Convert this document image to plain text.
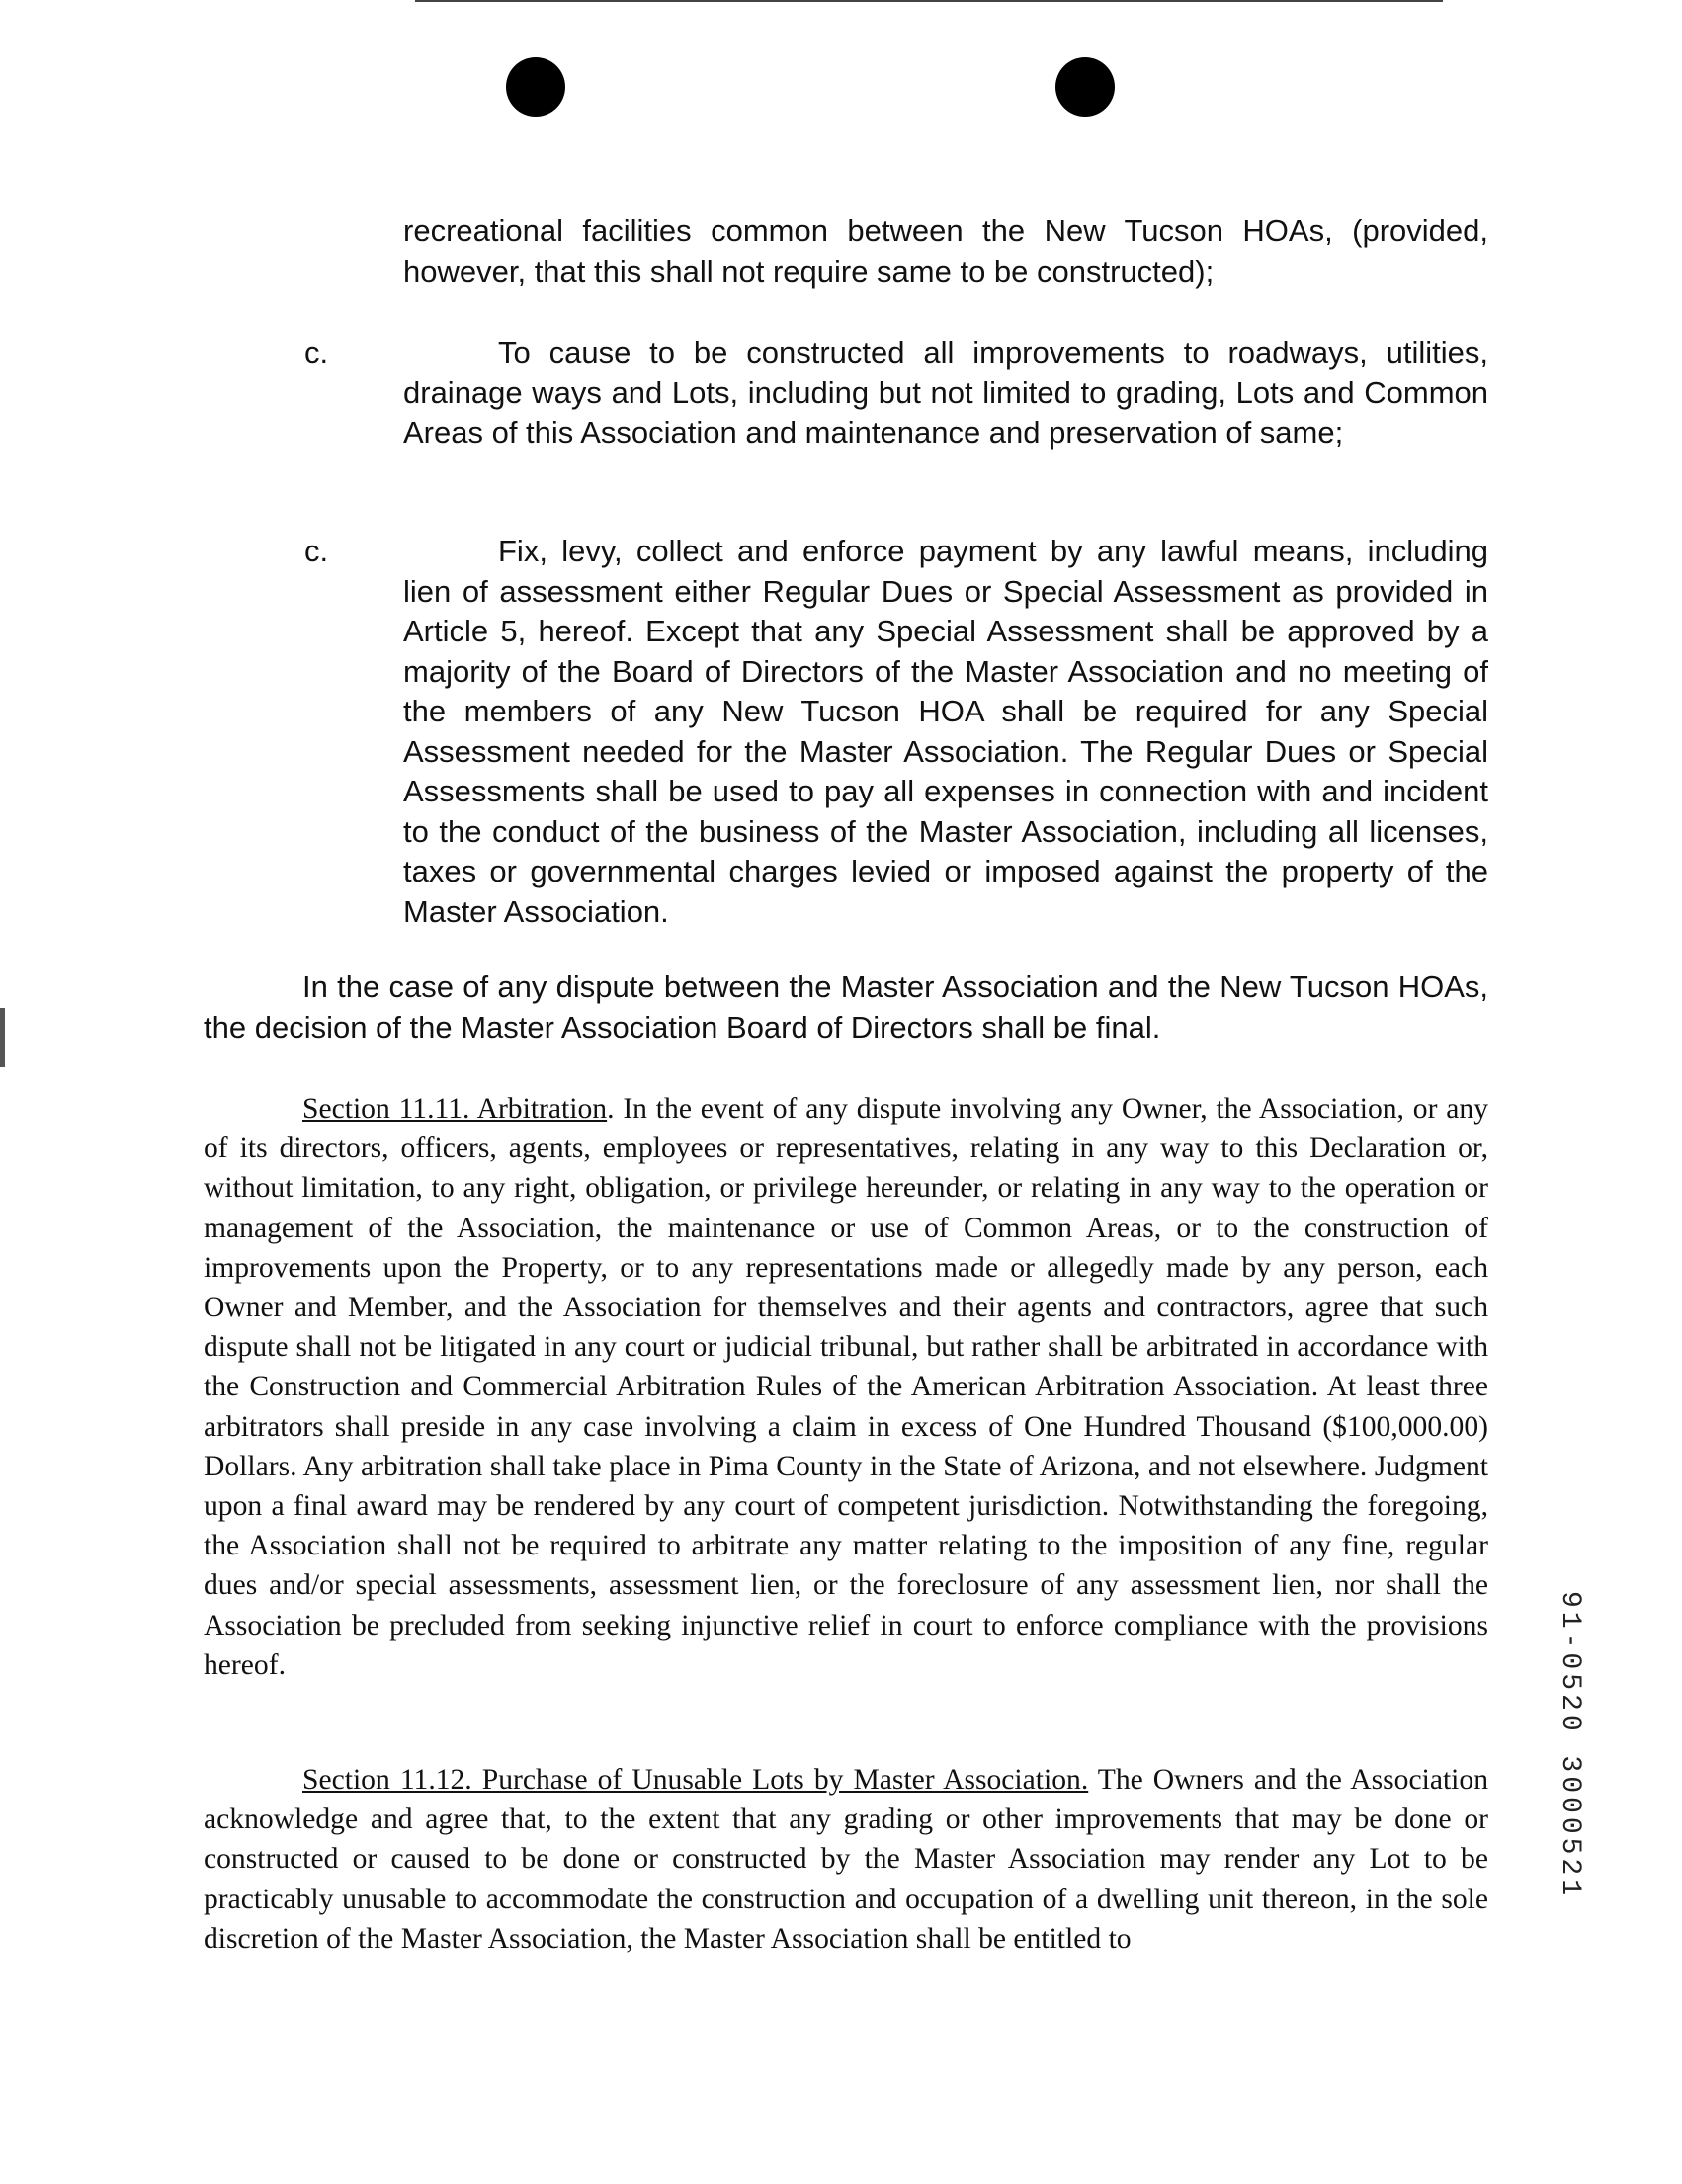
recreational facilities common between the New Tucson HOAs, (provided, however, that this shall not require same to be constructed);

c.	To cause to be constructed all improvements to roadways, utilities, drainage ways and Lots, including but not limited to grading, Lots and Common Areas of this Association and maintenance and preservation of same;

c.	Fix, levy, collect and enforce payment by any lawful means, including lien of assessment either Regular Dues or Special Assessment as provided in Article 5, hereof. Except that any Special Assessment shall be approved by a majority of the Board of Directors of the Master Association and no meeting of the members of any New Tucson HOA shall be required for any Special Assessment needed for the Master Association. The Regular Dues or Special Assessments shall be used to pay all expenses in connection with and incident to the conduct of the business of the Master Association, including all licenses, taxes or governmental charges levied or imposed against the property of the Master Association.

In the case of any dispute between the Master Association and the New Tucson HOAs, the decision of the Master Association Board of Directors shall be final.

Section 11.11. Arbitration. In the event of any dispute involving any Owner, the Association, or any of its directors, officers, agents, employees or representatives, relating in any way to this Declaration or, without limitation, to any right, obligation, or privilege hereunder, or relating in any way to the operation or management of the Association, the maintenance or use of Common Areas, or to the construction of improvements upon the Property, or to any representations made or allegedly made by any person, each Owner and Member, and the Association for themselves and their agents and contractors, agree that such dispute shall not be litigated in any court or judicial tribunal, but rather shall be arbitrated in accordance with the Construction and Commercial Arbitration Rules of the American Arbitration Association. At least three arbitrators shall preside in any case involving a claim in excess of One Hundred Thousand ($100,000.00) Dollars. Any arbitration shall take place in Pima County in the State of Arizona, and not elsewhere. Judgment upon a final award may be rendered by any court of competent jurisdiction. Notwithstanding the foregoing, the Association shall not be required to arbitrate any matter relating to the imposition of any fine, regular dues and/or special assessments, assessment lien, or the foreclosure of any assessment lien, nor shall the Association be precluded from seeking injunctive relief in court to enforce compliance with the provisions hereof.

Section 11.12. Purchase of Unusable Lots by Master Association. The Owners and the Association acknowledge and agree that, to the extent that any grading or other improvements that may be done or constructed or caused to be done or constructed by the Master Association may render any Lot to be practicably unusable to accommodate the construction and occupation of a dwelling unit thereon, in the sole discretion of the Master Association, the Master Association shall be entitled to

91-0520 3000521
